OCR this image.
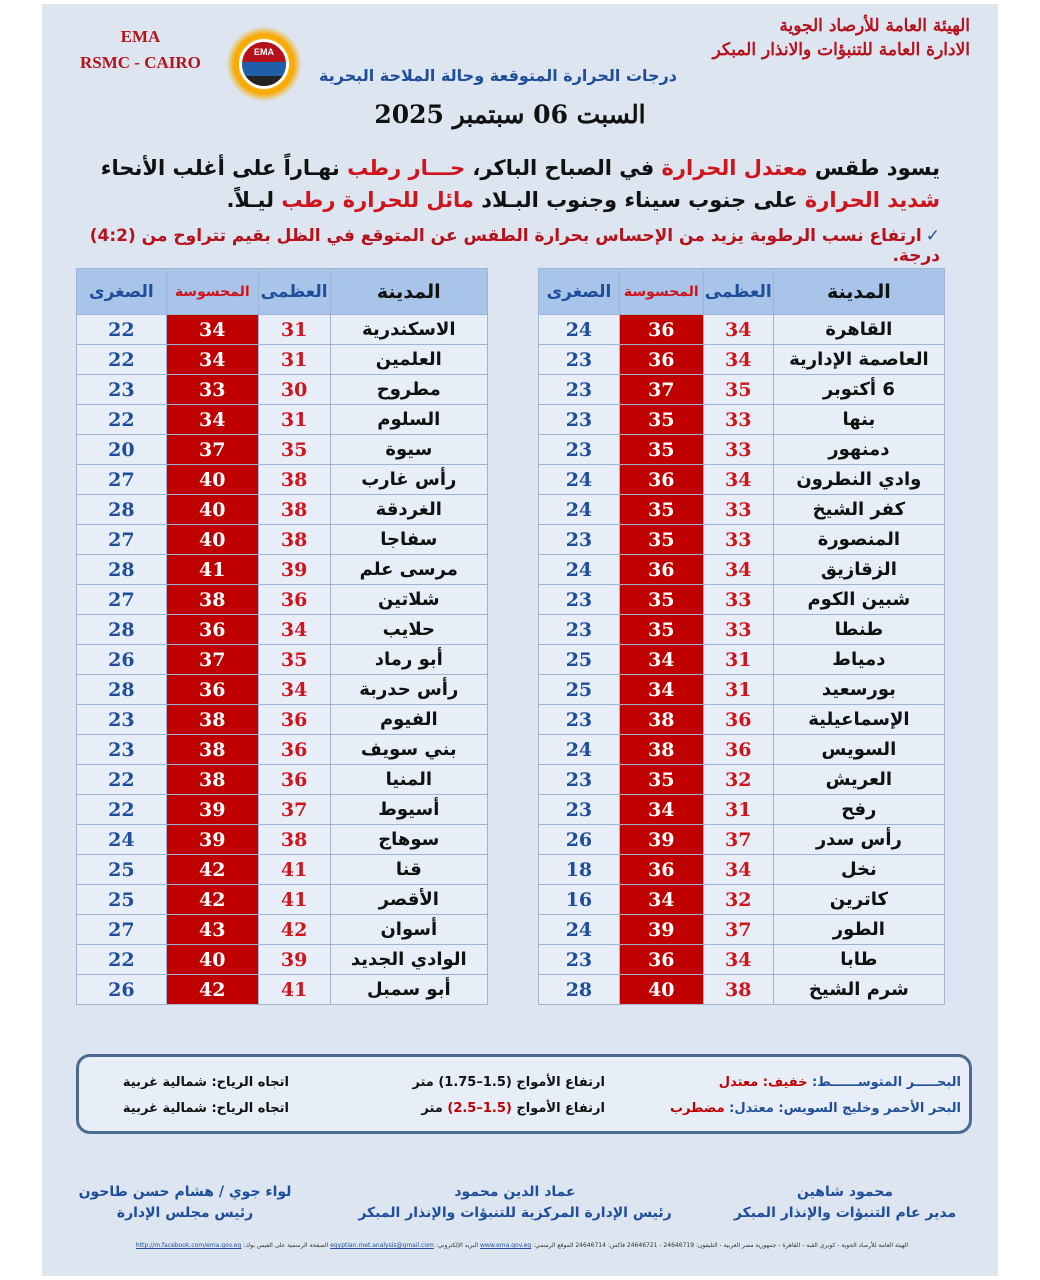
الهيئة العامة للأرصاد الجوية
الادارة العامة للتنبؤات والانذار المبكر
EMA
RSMC - CAIRO
EMA
درجات الحرارة المتوقعة وحالة الملاحة البحرية
السبت 06 سبتمبر 2025
يسود طقس معتدل الحرارة في الصباح الباكر، حـــار رطب نهـاراً على أغلب الأنحاء شديد الحرارة على جنوب سيناء وجنوب البـلاد مائل للحرارة رطب ليـلاً.
✓ارتفاع نسب الرطوبة يزيد من الإحساس بحرارة الطقس عن المتوقع في الظل بقيم تتراوح من (4:2) درجة.
المدينة	العظمى	المحسوسة	الصغرى
القاهرة	34	36	24
العاصمة الإدارية	34	36	23
6 أكتوبر	35	37	23
بنها	33	35	23
دمنهور	33	35	23
وادي النطرون	34	36	24
كفر الشيخ	33	35	24
المنصورة	33	35	23
الزقازيق	34	36	24
شبين الكوم	33	35	23
طنطا	33	35	23
دمياط	31	34	25
بورسعيد	31	34	25
الإسماعيلية	36	38	23
السويس	36	38	24
العريش	32	35	23
رفح	31	34	23
رأس سدر	37	39	26
نخل	34	36	18
كاترين	32	34	16
الطور	37	39	24
طابا	34	36	23
شرم الشيخ	38	40	28
المدينة	العظمى	المحسوسة	الصغرى
الاسكندرية	31	34	22
العلمين	31	34	22
مطروح	30	33	23
السلوم	31	34	22
سيوة	35	37	20
رأس غارب	38	40	27
الغردقة	38	40	28
سفاجا	38	40	27
مرسى علم	39	41	28
شلاتين	36	38	27
حلايب	34	36	28
أبو رماد	35	37	26
رأس حدربة	34	36	28
الفيوم	36	38	23
بني سويف	36	38	23
المنيا	36	38	22
أسيوط	37	39	22
سوهاج	38	39	24
قنا	41	42	25
الأقصر	41	42	25
أسوان	42	43	27
الوادي الجديد	39	40	22
أبو سمبل	41	42	26
البحـــــر المتوســــــط: خفيف: معتدل
ارتفاع الأمواج (1.5–1.75) متر
اتجاه الرياح: شمالية غربية
البحر الأحمر وخليج السويس: معتدل: مضطرب
ارتفاع الأمواج (1.5–2.5) متر
اتجاه الرياح: شمالية غربية
محمود شاهين
مدير عام التنبؤات والإنذار المبكر
عماد الدين محمود
رئيس الإدارة المركزية للتنبؤات والإنذار المبكر
لواء جوي / هشام حسن طاحون
رئيس مجلس الإدارة
الهيئة العامة للأرصاد الجوية - كوبري القبة - القاهرة - جمهورية مصر العربية - التليفون: 24646719 - 24646721 فاكس: 24646714 الموقع الرسمي: www.ema.gov.eg البريد الإلكتروني: egyptian.met.analysis@gmail.com الصفحة الرسمية على الفيس بوك: http://m.facebook.com/ema.gov.eg
